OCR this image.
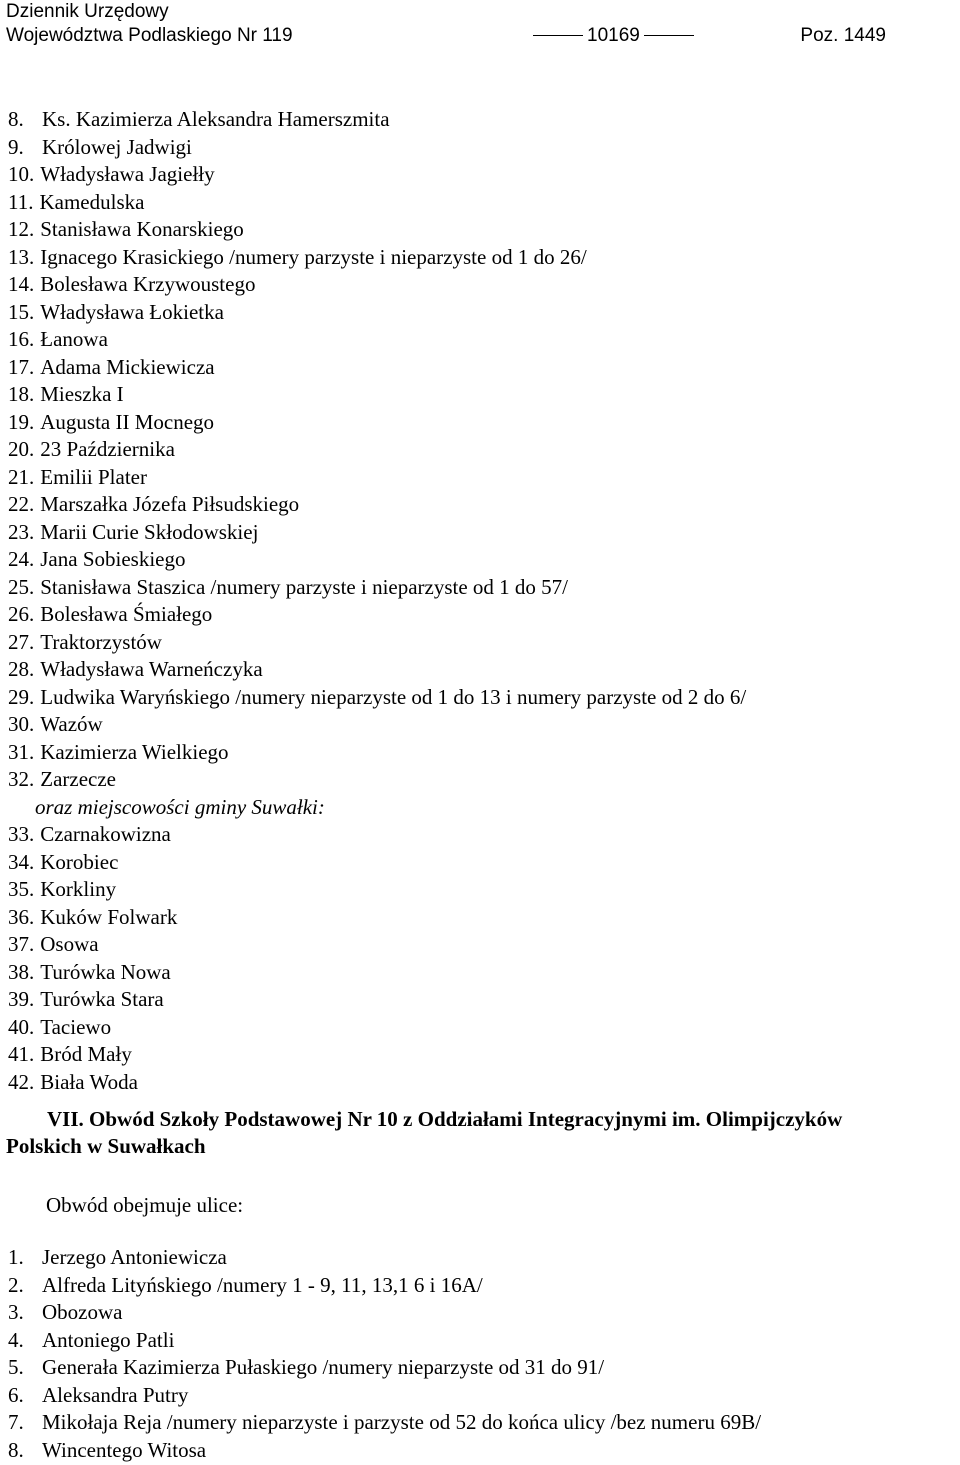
Dziennik Urzędowy
Województwa Podlaskiego Nr 119	10169	Poz. 1449
8. Ks. Kazimierza Aleksandra Hamerszmita
9. Królowej Jadwigi
10. Władysława Jagiełły
11. Kamedulska
12. Stanisława Konarskiego
13. Ignacego Krasickiego /numery parzyste i nieparzyste od 1 do 26/
14. Bolesława Krzywoustego
15. Władysława Łokietka
16. Łanowa
17. Adama Mickiewicza
18. Mieszka I
19. Augusta II Mocnego
20. 23 Października
21. Emilii Plater
22. Marszałka Józefa Piłsudskiego
23. Marii Curie Skłodowskiej
24. Jana Sobieskiego
25. Stanisława Staszica /numery parzyste i nieparzyste od 1 do 57/
26. Bolesława Śmiałego
27. Traktorzystów
28. Władysława Warneńczyka
29. Ludwika Waryńskiego /numery nieparzyste od 1 do 13 i numery parzyste od 2 do 6/
30. Wazów
31. Kazimierza Wielkiego
32. Zarzecze
oraz miejscowości gminy Suwałki:
33. Czarnakowizna
34. Korobiec
35. Korkliny
36. Kuków Folwark
37. Osowa
38. Turówka Nowa
39. Turówka Stara
40. Taciewo
41. Bród Mały
42. Biała Woda
VII. Obwód Szkoły Podstawowej Nr 10 z Oddziałami Integracyjnymi im. Olimpijczyków
Polskich w Suwałkach
Obwód obejmuje ulice:
1. Jerzego Antoniewicza
2. Alfreda Lityńskiego /numery 1 - 9, 11, 13,1 6 i 16A/
3. Obozowa
4. Antoniego Patli
5. Generała Kazimierza Pułaskiego /numery nieparzyste od 31 do 91/
6. Aleksandra Putry
7. Mikołaja Reja /numery nieparzyste i parzyste od 52 do końca ulicy /bez numeru 69B/
8. Wincentego Witosa
